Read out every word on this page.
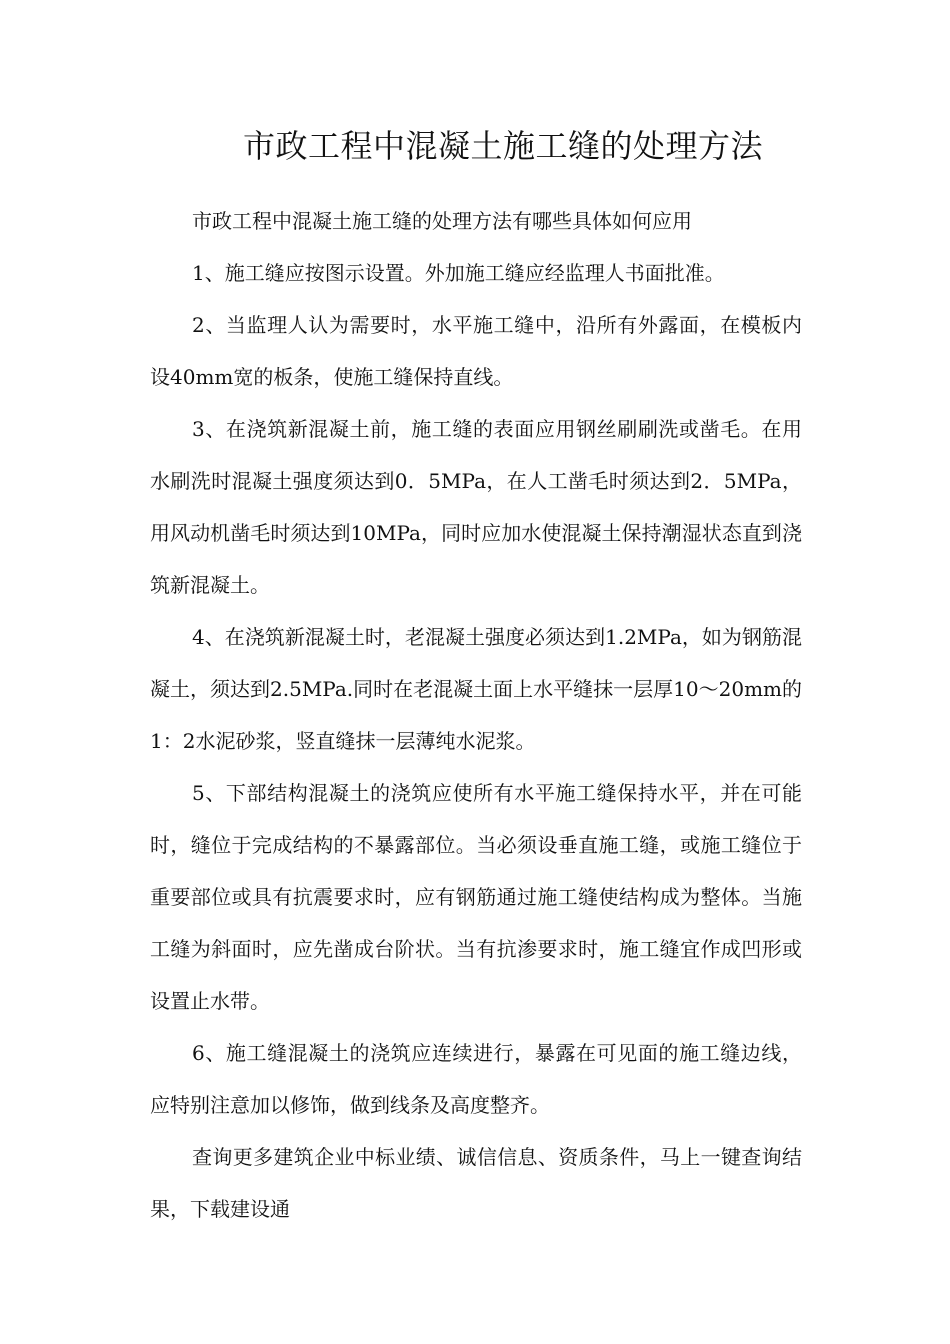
市政工程中混凝土施工缝的处理方法

市政工程中混凝土施工缝的处理方法有哪些具体如何应用

1、施工缝应按图示设置。外加施工缝应经监理人书面批准。

2、当监理人认为需要时，水平施工缝中，沿所有外露面，在模板内设40mm宽的板条，使施工缝保持直线。

3、在浇筑新混凝土前，施工缝的表面应用钢丝刷刷洗或凿毛。在用水刷洗时混凝土强度须达到0．5MPa，在人工凿毛时须达到2．5MPa，用风动机凿毛时须达到10MPa，同时应加水使混凝土保持潮湿状态直到浇筑新混凝土。

4、在浇筑新混凝土时，老混凝土强度必须达到1.2MPa，如为钢筋混凝土，须达到2.5MPa.同时在老混凝土面上水平缝抹一层厚10～20mm的1：2水泥砂浆，竖直缝抹一层薄纯水泥浆。

5、下部结构混凝土的浇筑应使所有水平施工缝保持水平，并在可能时，缝位于完成结构的不暴露部位。当必须设垂直施工缝，或施工缝位于重要部位或具有抗震要求时，应有钢筋通过施工缝使结构成为整体。当施工缝为斜面时，应先凿成台阶状。当有抗渗要求时，施工缝宜作成凹形或设置止水带。

6、施工缝混凝土的浇筑应连续进行，暴露在可见面的施工缝边线，应特别注意加以修饰，做到线条及高度整齐。

查询更多建筑企业中标业绩、诚信信息、资质条件，马上一键查询结果，下载建设通
